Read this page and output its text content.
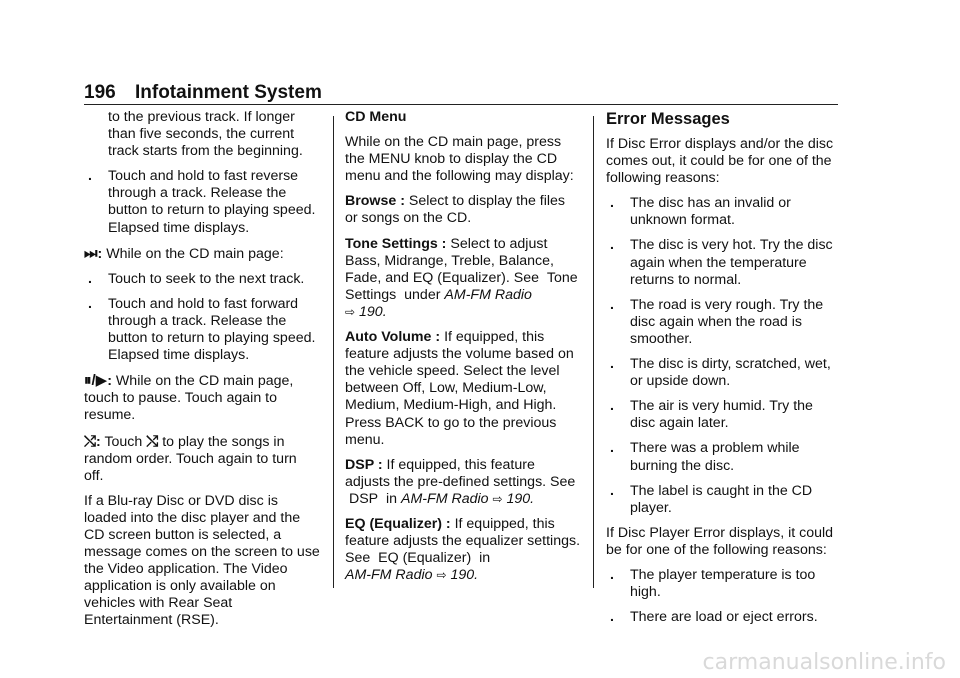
196 Infotainment System

to the previous track. If longer than five seconds, the current track starts from the beginning.

. Touch and hold to fast reverse through a track. Release the button to return to playing speed. Elapsed time displays.

⏭: While on the CD main page:

. Touch to seek to the next track.
. Touch and hold to fast forward through a track. Release the button to return to playing speed. Elapsed time displays.

⏸/▶: While on the CD main page, touch to pause. Touch again to resume.

⤭: Touch ⤭ to play the songs in random order. Touch again to turn off.

If a Blu-ray Disc or DVD disc is loaded into the disc player and the CD screen button is selected, a message comes on the screen to use the Video application. The Video application is only available on vehicles with Rear Seat Entertainment (RSE).

CD Menu

While on the CD main page, press the MENU knob to display the CD menu and the following may display:

Browse : Select to display the files or songs on the CD.

Tone Settings : Select to adjust Bass, Midrange, Treble, Balance, Fade, and EQ (Equalizer). See Tone Settings under AM-FM Radio
⇨ 190.

Auto Volume : If equipped, this feature adjusts the volume based on the vehicle speed. Select the level between Off, Low, Medium-Low, Medium, Medium-High, and High. Press BACK to go to the previous menu.

DSP : If equipped, this feature adjusts the pre-defined settings. See  DSP in AM-FM Radio ⇨ 190.

EQ (Equalizer) : If equipped, this feature adjusts the equalizer settings. See EQ (Equalizer) in
AM-FM Radio ⇨ 190.

Error Messages

If Disc Error displays and/or the disc comes out, it could be for one of the following reasons:

. The disc has an invalid or unknown format.
. The disc is very hot. Try the disc again when the temperature returns to normal.
. The road is very rough. Try the disc again when the road is smoother.
. The disc is dirty, scratched, wet, or upside down.
. The air is very humid. Try the disc again later.
. There was a problem while burning the disc.
. The label is caught in the CD player.

If Disc Player Error displays, it could be for one of the following reasons:

. The player temperature is too high.
. There are load or eject errors.
carmanualsonline.info
